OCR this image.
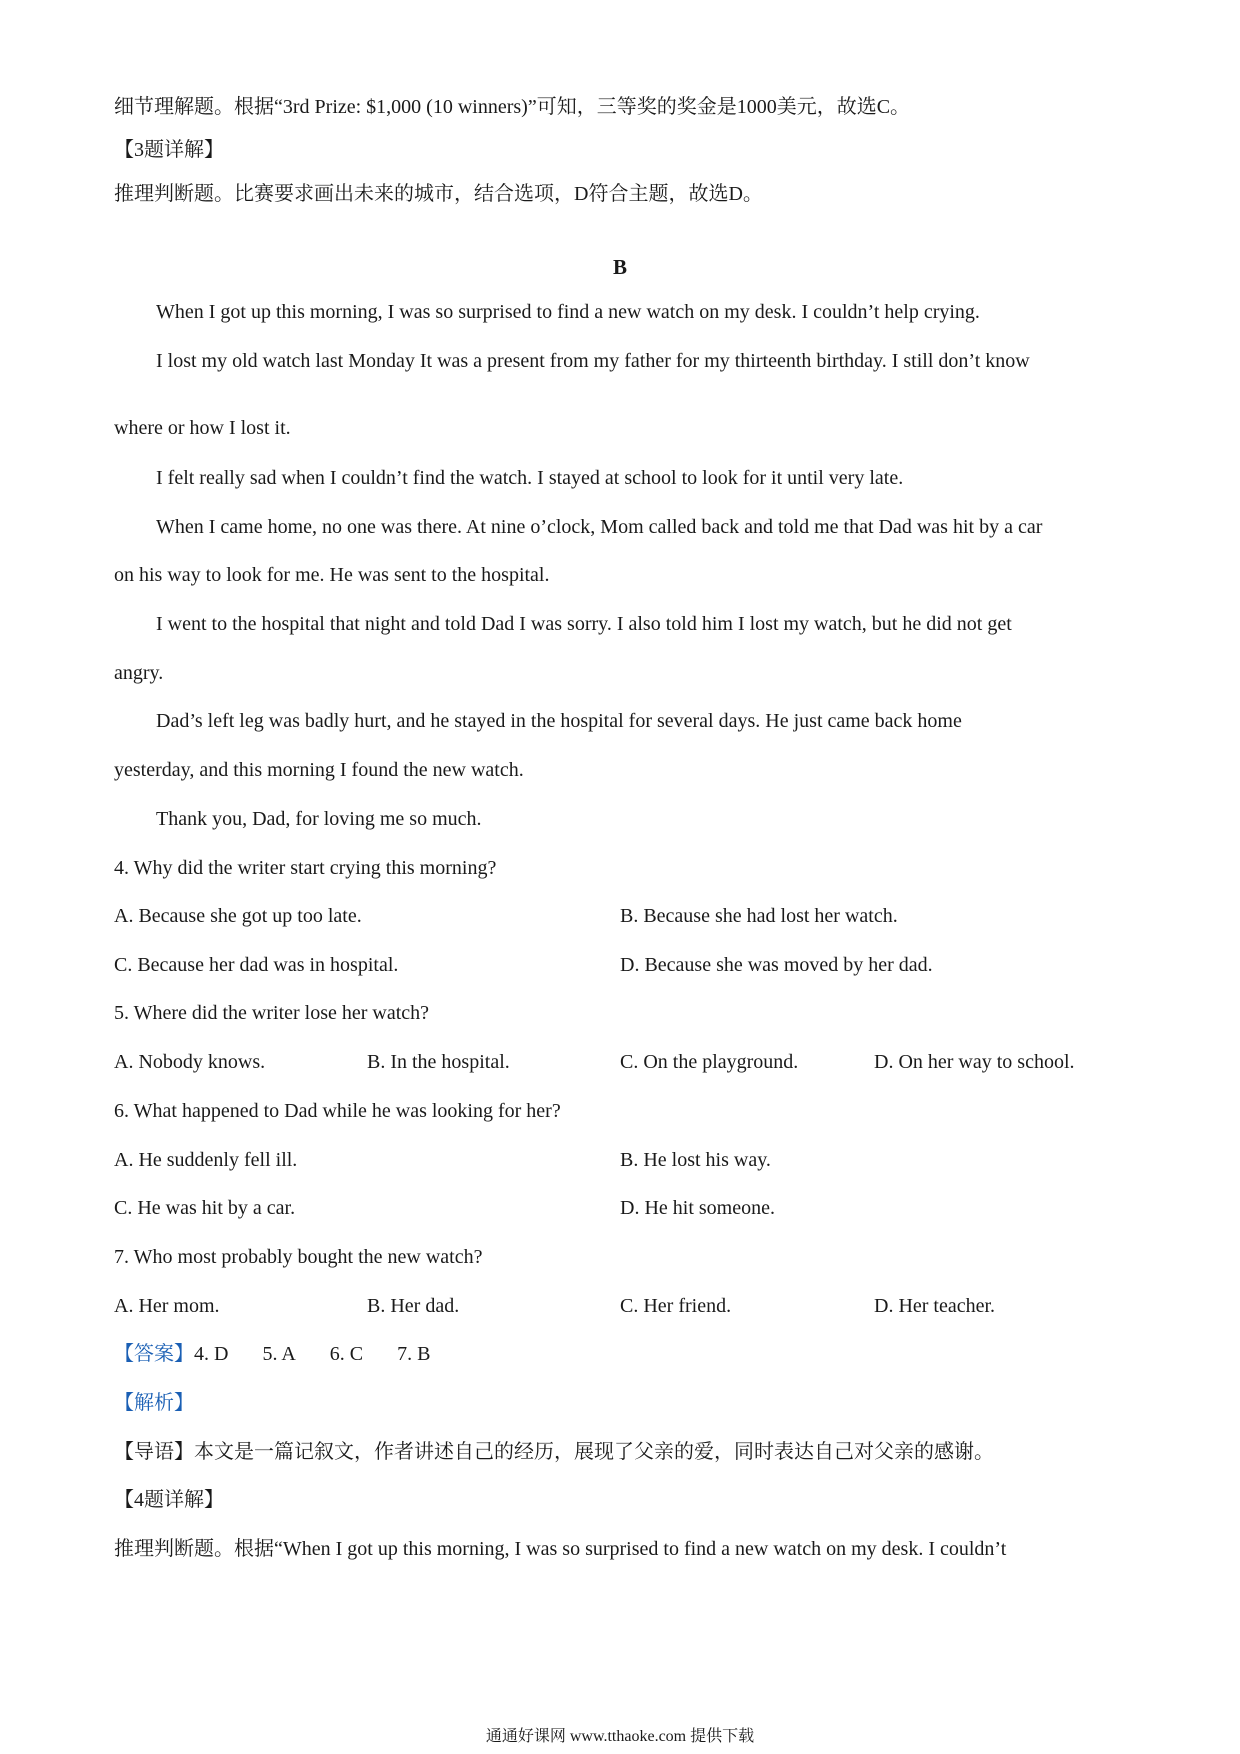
细节理解题。根据“3rd Prize: $1,000 (10 winners)”可知，三等奖的奖金是1000美元，故选C。
【3题详解】
推理判断题。比赛要求画出未来的城市，结合选项，D符合主题，故选D。
B
When I got up this morning, I was so surprised to find a new watch on my desk. I couldn’t help crying.
I lost my old watch last Monday It was a present from my father for my thirteenth birthday. I still don’t know
where or how I lost it.
I felt really sad when I couldn’t find the watch. I stayed at school to look for it until very late.
When I came home, no one was there. At nine o’clock, Mom called back and told me that Dad was hit by a car
on his way to look for me. He was sent to the hospital.
I went to the hospital that night and told Dad I was sorry. I also told him I lost my watch, but he did not get
angry.
Dad’s left leg was badly hurt, and he stayed in the hospital for several days. He just came back home
yesterday, and this morning I found the new watch.
Thank you, Dad, for loving me so much.
4. Why did the writer start crying this morning?
A. Because she got up too late.	B. Because she had lost her watch.
C. Because her dad was in hospital.	D. Because she was moved by her dad.
5. Where did the writer lose her watch?
A. Nobody knows.	B. In the hospital.	C. On the playground.	D. On her way to school.
6. What happened to Dad while he was looking for her?
A. He suddenly fell ill.	B. He lost his way.
C. He was hit by a car.	D. He hit someone.
7. Who most probably bought the new watch?
A. Her mom.	B. Her dad.	C. Her friend.	D. Her teacher.
【答案】4. D 5. A 6. C 7. B
【解析】
【导语】本文是一篇记叙文，作者讲述自己的经历，展现了父亲的爱，同时表达自己对父亲的感谢。
【4题详解】
推理判断题。根据“When I got up this morning, I was so surprised to find a new watch on my desk. I couldn’t
通通好课网 www.tthaoke.com 提供下载
